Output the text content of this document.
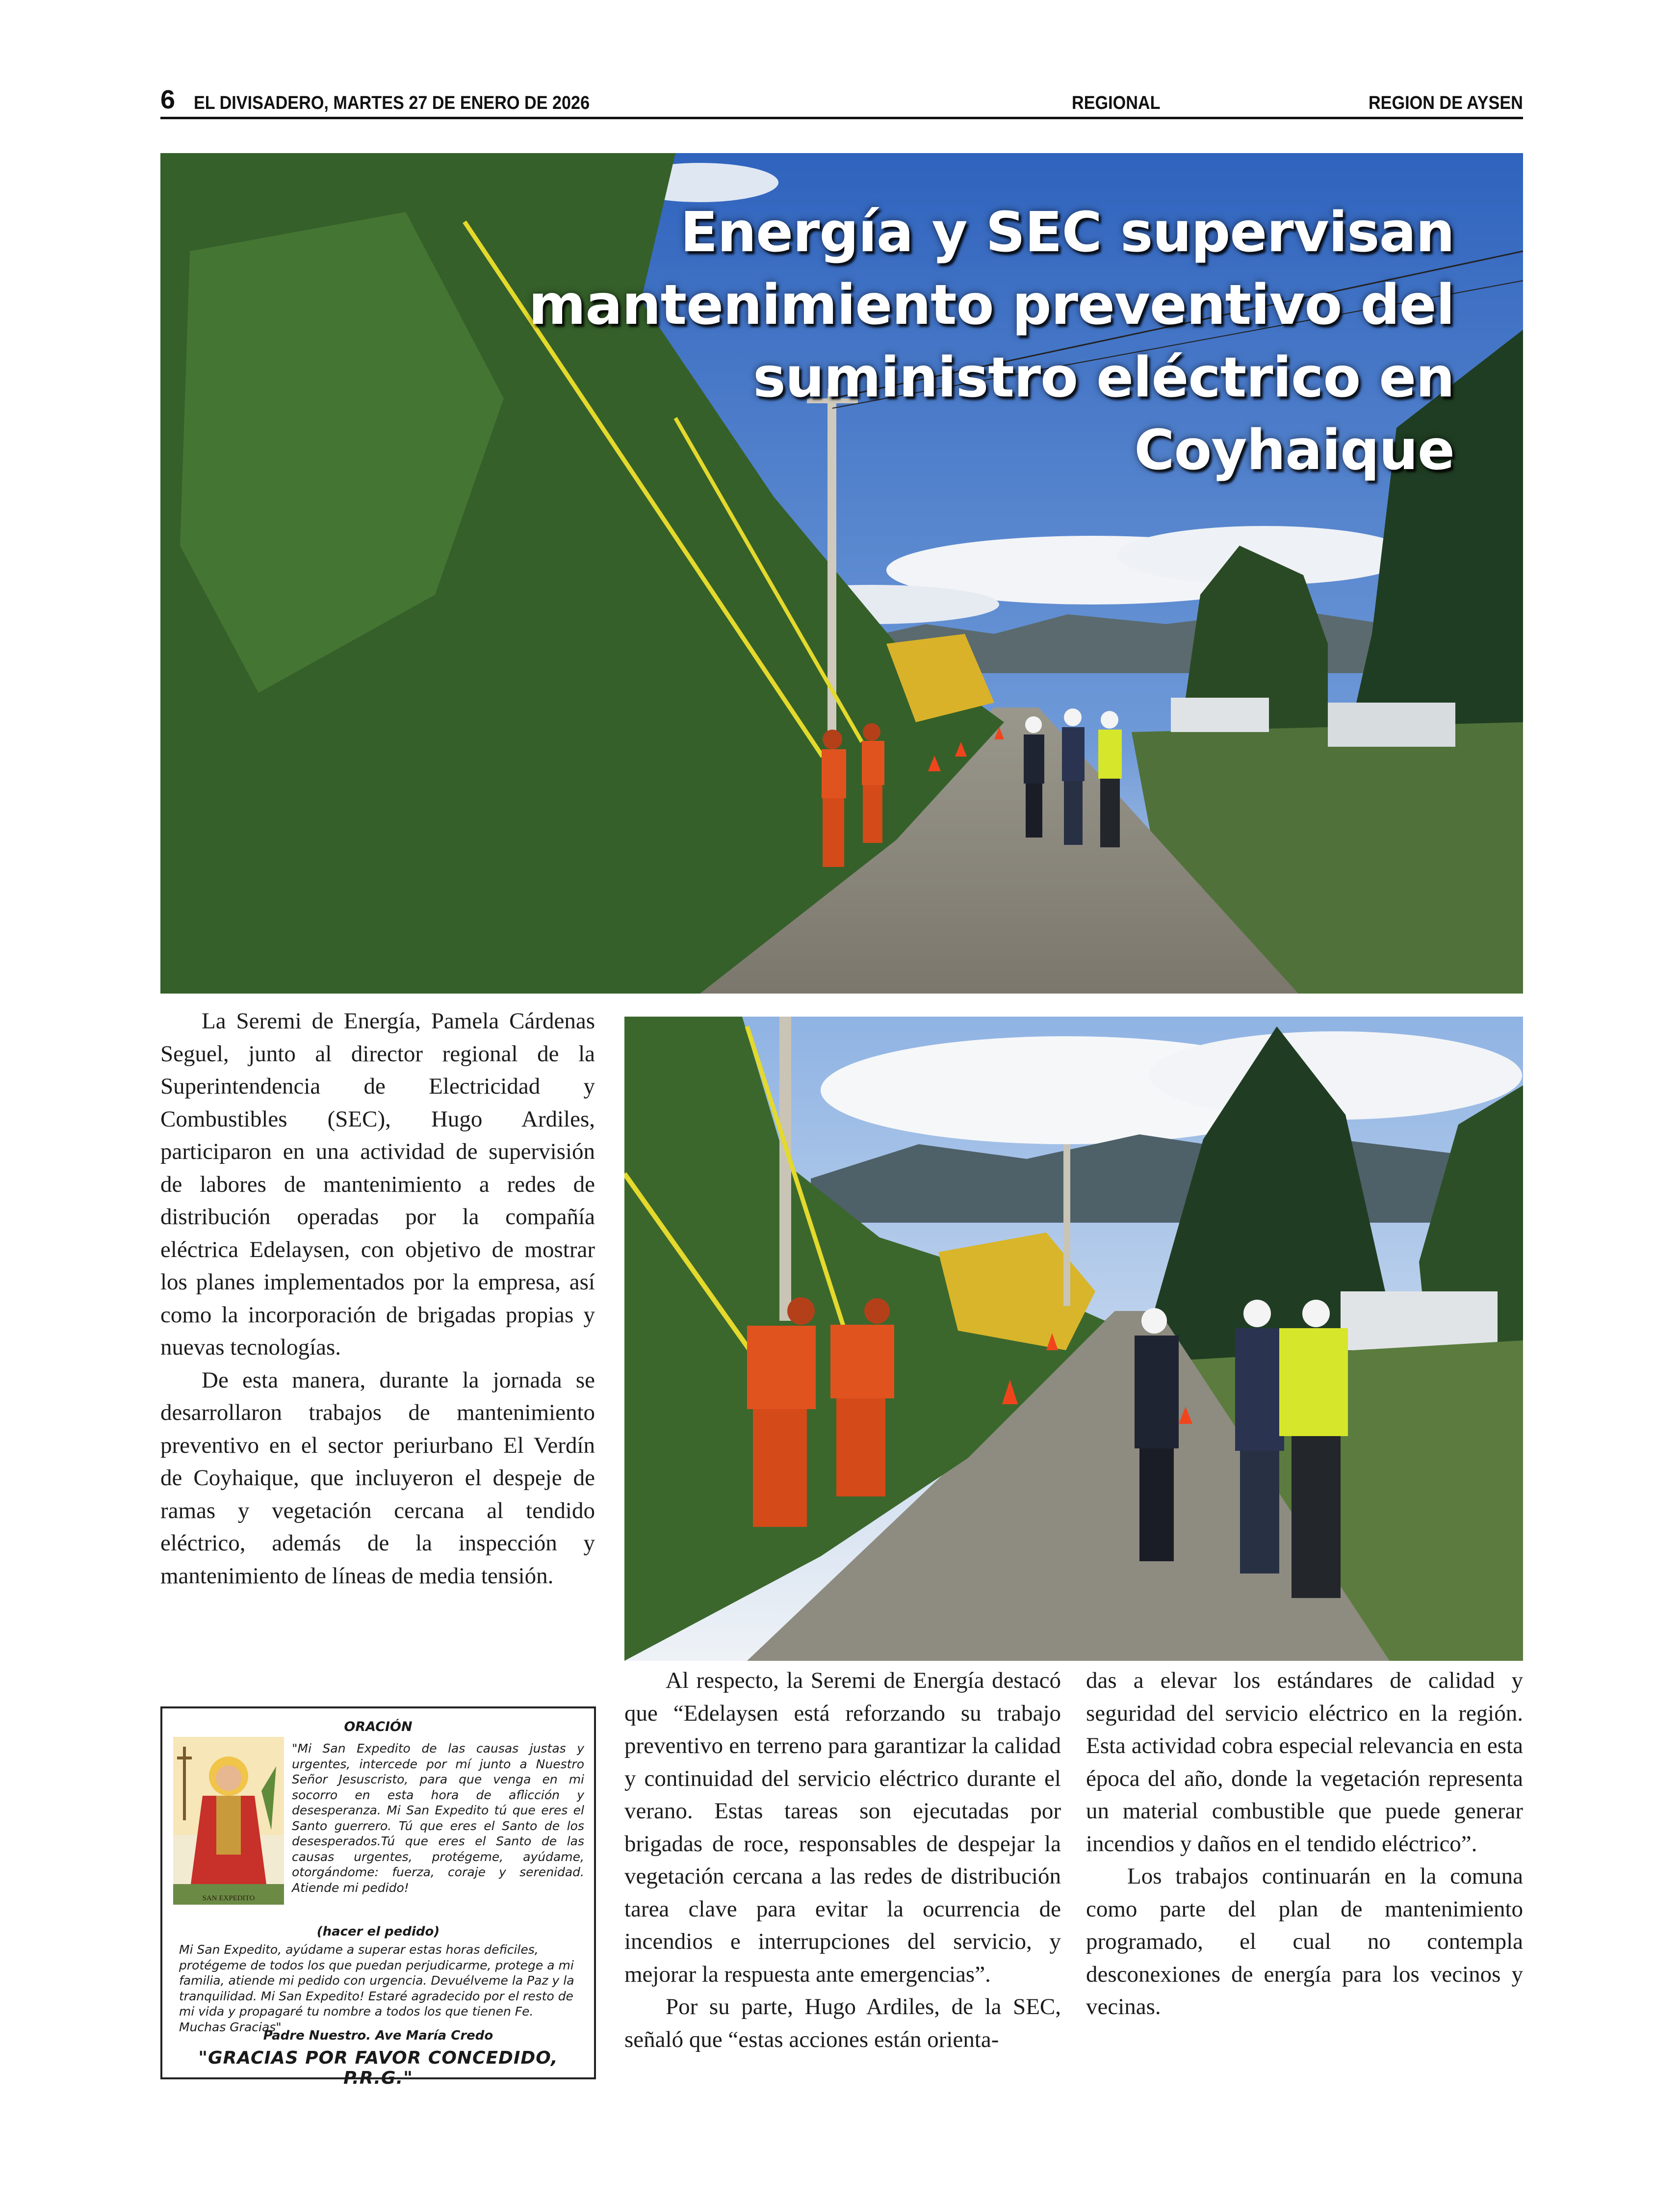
6 EL DIVISADERO, MARTES 27 DE ENERO DE 2026	REGIONAL	REGION DE AYSEN
Energía y SEC supervisan
mantenimiento preventivo del
suministro eléctrico en Coyhaique

La Seremi de Energía, Pamela Cárdenas Seguel, junto al director regional de la Superintendencia de Electricidad y Combustibles (SEC), Hugo Ardiles, participaron en una actividad de supervisión de labores de mantenimiento a redes de distribución operadas por la compañía eléctrica Edelaysen, con objetivo de mostrar los planes implementados por la empresa, así como la incorporación de brigadas propias y nuevas tecnologías.

De esta manera, durante la jornada se desarrollaron trabajos de mantenimiento preventivo en el sector periurbano El Verdín de Coyhaique, que incluyeron el despeje de ramas y vegetación cercana al tendido eléctrico, además de la inspección y mantenimiento de líneas de media tensión.

Al respecto, la Seremi de Energía destacó que “Edelaysen está reforzando su trabajo preventivo en terreno para garantizar la calidad y continuidad del servicio eléctrico durante el verano. Estas tareas son ejecutadas por brigadas de roce, responsables de despejar la vegetación cercana a las redes de distribución tarea clave para evitar la ocurrencia de incendios e interrupciones del servicio, y mejorar la respuesta ante emergencias”.

Por su parte, Hugo Ardiles, de la SEC, señaló que “estas acciones están orienta-

das a elevar los estándares de calidad y seguridad del servicio eléctrico en la región. Esta actividad cobra especial relevancia en esta época del año, donde la vegetación representa un material combustible que puede generar incendios y daños en el tendido eléctrico”.

Los trabajos continuarán en la comuna como parte del plan de mantenimiento programado, el cual no contempla desconexiones de energía para los vecinos y vecinas.

ORACIÓN
SAN EXPEDITO
"Mi San Expedito de las causas justas y urgentes, intercede por mí junto a Nuestro Señor Jesuscristo, para que venga en mi socorro en esta hora de aflicción y desesperanza. Mi San Expedito tú que eres el Santo guerrero. Tú que eres el Santo de los desesperados.Tú que eres el Santo de las causas urgentes, protégeme, ayúdame, otorgándome: fuerza, coraje y serenidad. Atiende mi pedido!
(hacer el pedido)
Mi San Expedito, ayúdame a superar estas horas deficiles, protégeme de todos los que puedan perjudicarme, protege a mi familia, atiende mi pedido con urgencia. Devuélveme la Paz y la tranquilidad. Mi San Expedito! Estaré agradecido por el resto de mi vida y propagaré tu nombre a todos los que tienen Fe. Muchas Gracias"
Padre Nuestro. Ave María Credo
"GRACIAS POR FAVOR CONCEDIDO, P.R.G."
